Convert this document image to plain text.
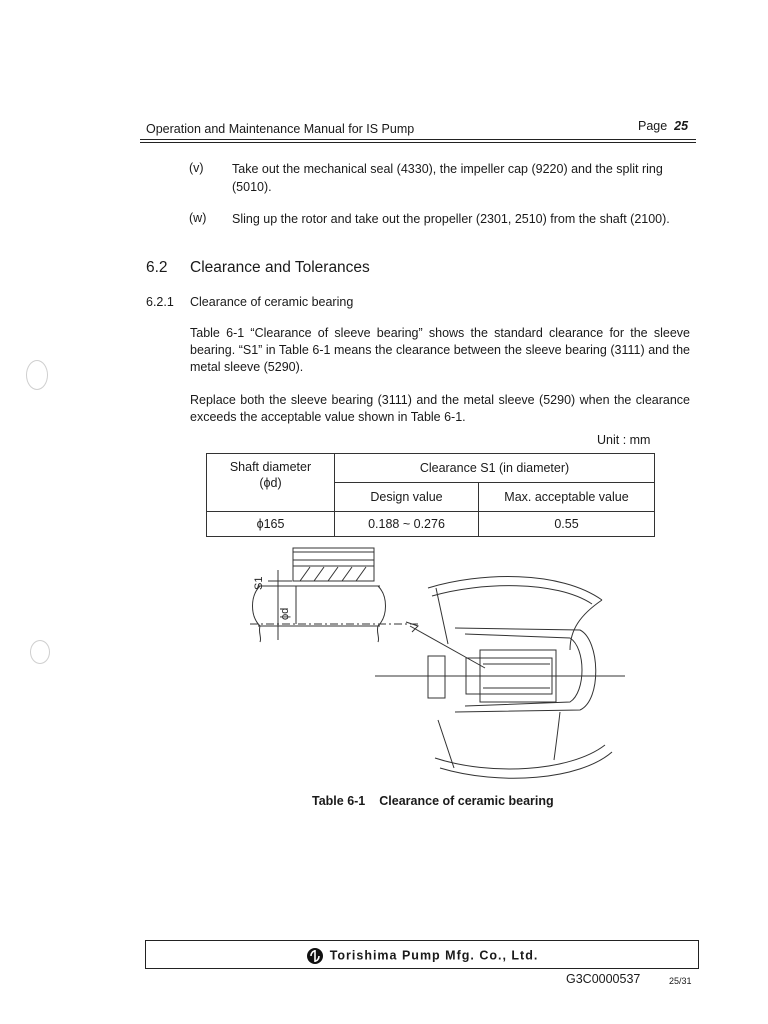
Operation and Maintenance Manual for IS Pump	Page 25
(v) Take out the mechanical seal (4330), the impeller cap (9220) and the split ring
(5010).
(w) Sling up the rotor and take out the propeller (2301, 2510) from the shaft (2100).
6.2 Clearance and Tolerances
6.2.1 Clearance of ceramic bearing
Table 6-1 “Clearance of sleeve bearing” shows the standard clearance for the sleeve bearing. “S1” in Table 6-1 means the clearance between the sleeve bearing (3111) and the metal sleeve (5290).
Replace both the sleeve bearing (3111) and the metal sleeve (5290) when the clearance exceeds the acceptable value shown in Table 6-1.
Unit : mm
Shaft diameter
(ϕd)	Clearance S1 (in diameter)	
	Design value	Max. acceptable value
ϕ165	0.188 ~ 0.276	0.55
S1
ϕd
Table 6-1 Clearance of ceramic bearing
Torishima Pump Mfg. Co., Ltd.
G3C0000537	25/31
